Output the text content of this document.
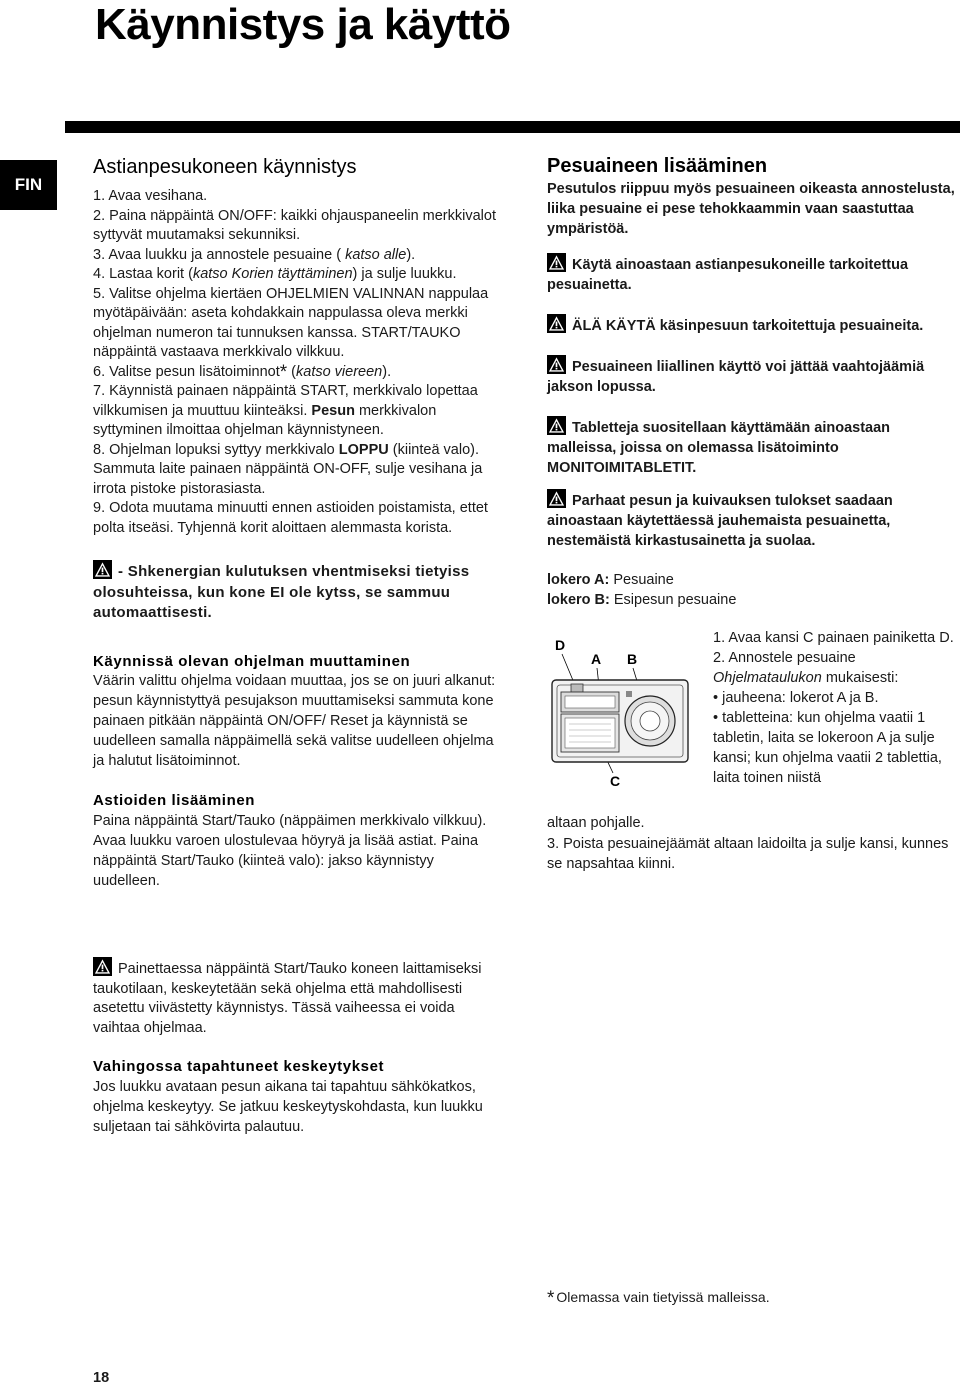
Käynnistys ja käyttö
FIN
Astianpesukoneen käynnistys

1. Avaa vesihana.

2. Paina näppäintä ON/OFF: kaikki ohjauspaneelin merkkivalot syttyvät muutamaksi sekunniksi.

3. Avaa luukku ja annostele pesuaine ( katso alle).

4. Lastaa korit (katso Korien täyttäminen) ja sulje luukku.

5. Valitse ohjelma kiertäen OHJELMIEN VALINNAN nappulaa myötäpäivään: aseta kohdakkain nappulassa oleva merkki ohjelman numeron tai tunnuksen kanssa. START/TAUKO näppäintä vastaava merkkivalo vilkkuu.

6. Valitse pesun lisätoiminnot* (katso viereen).

7. Käynnistä painaen näppäintä START, merkkivalo lopettaa vilkkumisen ja muuttuu kiinteäksi. Pesun merkkivalon syttyminen ilmoittaa ohjelman käynnistyneen.

8. Ohjelman lopuksi syttyy merkkivalo LOPPU (kiinteä valo). Sammuta laite painaen näppäintä ON-OFF, sulje vesihana ja irrota pistoke pistorasiasta.

9. Odota muutama minuutti ennen astioiden poistamista, ettet polta itseäsi. Tyhjennä korit aloittaen alemmasta korista.

- Shkenergian kulutuksen vhentmiseksi tietyiss olosuhteissa, kun kone EI ole kytss, se sammuu automaattisesti.
Käynnissä olevan ohjelman muuttaminen

Väärin valittu ohjelma voidaan muuttaa, jos se on juuri alkanut: pesun käynnistyttyä pesujakson muuttamiseksi sammuta kone painaen pitkään näppäintä ON/OFF/ Reset ja käynnistä se uudelleen samalla näppäimellä sekä valitse uudelleen ohjelma ja halutut lisätoiminnot.

Astioiden lisääminen

Paina näppäintä Start/Tauko (näppäimen merkkivalo vilkkuu). Avaa luukku varoen ulostulevaa höyryä ja lisää astiat. Paina näppäintä Start/Tauko (kiinteä valo): jakso käynnistyy uudelleen.

Painettaessa näppäintä Start/Tauko koneen laittamiseksi taukotilaan, keskeytetään sekä ohjelma että mahdollisesti asetettu viivästetty käynnistys. Tässä vaiheessa ei voida vaihtaa ohjelmaa.
Vahingossa tapahtuneet keskeytykset

Jos luukku avataan pesun aikana tai tapahtuu sähkökatkos, ohjelma keskeytyy. Se jatkuu keskeytyskohdasta, kun luukku suljetaan tai sähkövirta palautuu.

Pesuaineen lisääminen

Pesutulos riippuu myös pesuaineen oikeasta annostelusta, liika pesuaine ei pese tehokkaammin vaan saastuttaa ympäristöä.

Käytä ainoastaan astianpesukoneille tarkoitettua pesuainetta.

ÄLÄ KÄYTÄ käsinpesuun tarkoitettuja pesuaineita.

Pesuaineen liiallinen käyttö voi jättää vaahtojäämiä jakson lopussa.

Tabletteja suositellaan käyttämään ainoastaan malleissa, joissa on olemassa lisätoiminto MONITOIMITABLETIT.

Parhaat pesun ja kuivauksen tulokset saadaan ainoastaan käytettäessä jauhemaista pesuainetta, nestemäistä kirkastusainetta ja suolaa.

lokero A: Pesuaine

lokero B: Esipesun pesuaine

D
A B
C

1. Avaa kansi C painaen painiketta D.

2. Annostele pesuaine

Ohjelmataulukon mukaisesti:

• jauheena: lokerot A ja B.

• tabletteina: kun ohjelma vaatii 1 tabletin, laita se lokeroon A ja sulje kansi; kun ohjelma vaatii 2 tablettia, laita toinen niistä

altaan pohjalle.

3. Poista pesuainejäämät altaan laidoilta ja sulje kansi, kunnes se napsahtaa kiinni.

* Olemassa vain tietyissä malleissa.
18
